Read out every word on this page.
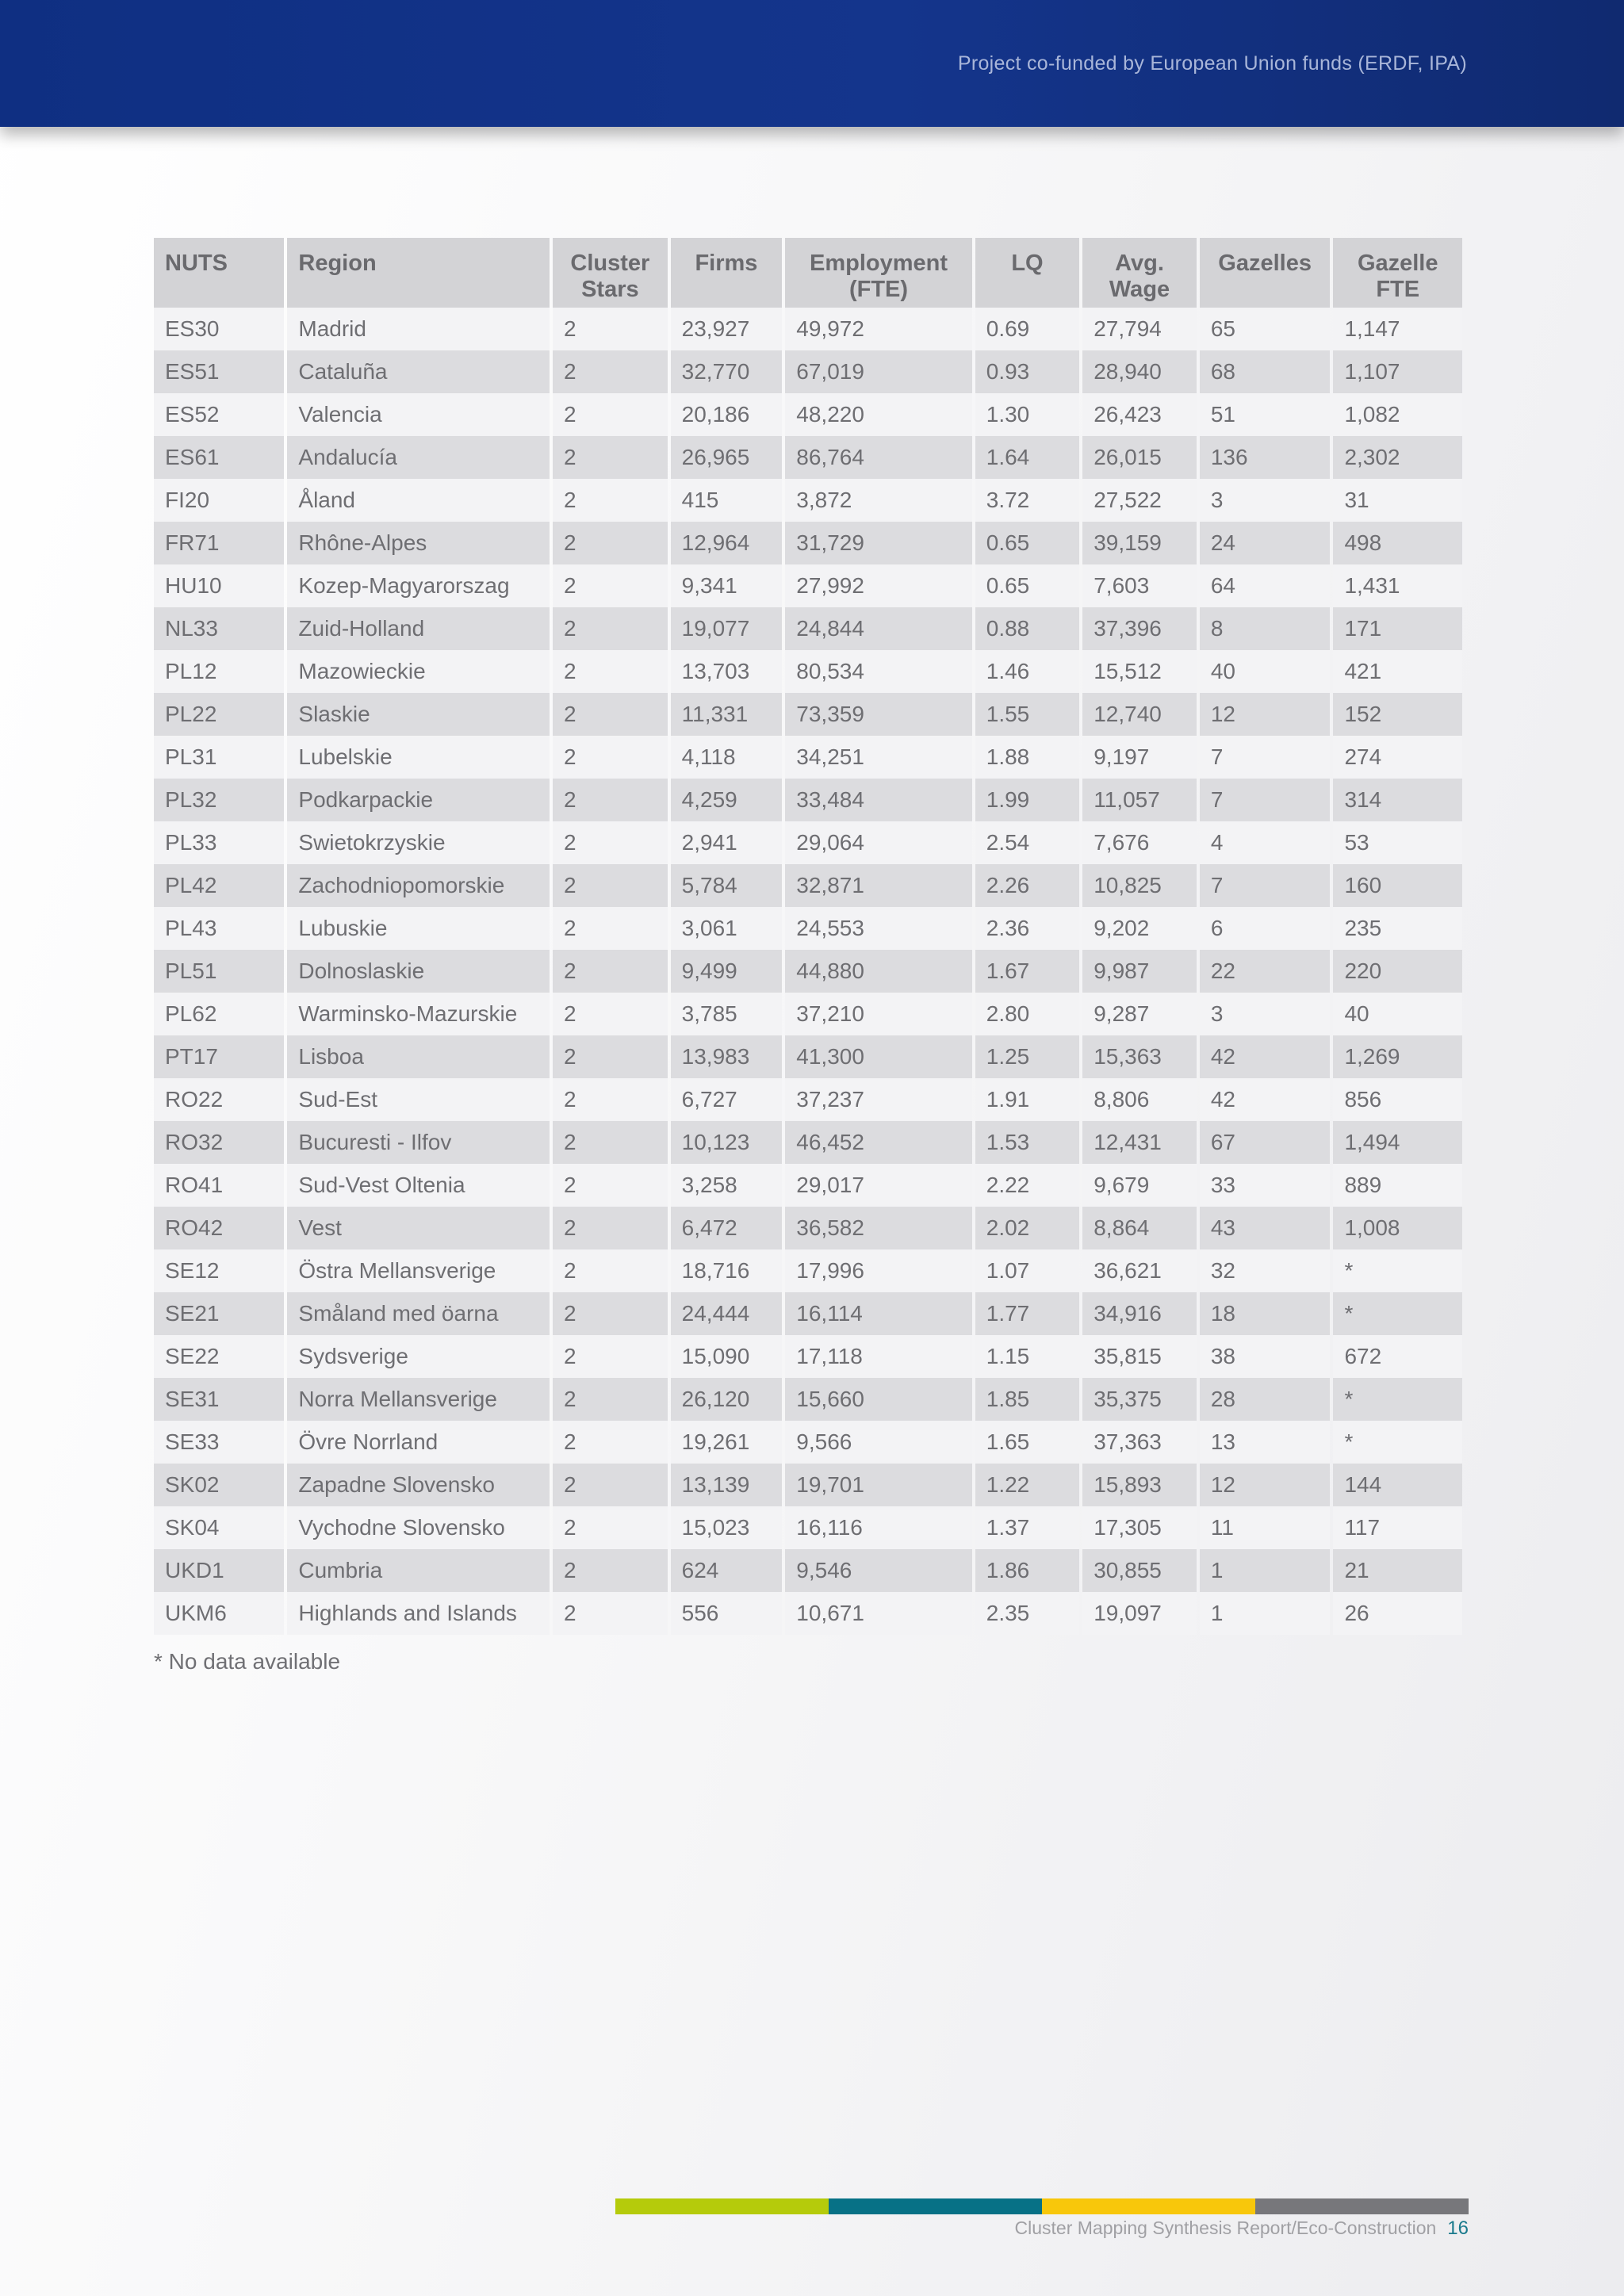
Project co-funded by European Union funds (ERDF, IPA)
NUTS	Region	Cluster Stars	Firms	Employment (FTE)	LQ	Avg. Wage	Gazelles	Gazelle FTE
ES30	Madrid	2	23,927	49,972	0.69	27,794	65	1,147
ES51	Cataluña	2	32,770	67,019	0.93	28,940	68	1,107
ES52	Valencia	2	20,186	48,220	1.30	26,423	51	1,082
ES61	Andalucía	2	26,965	86,764	1.64	26,015	136	2,302
FI20	Åland	2	415	3,872	3.72	27,522	3	31
FR71	Rhône-Alpes	2	12,964	31,729	0.65	39,159	24	498
HU10	Kozep-Magyarorszag	2	9,341	27,992	0.65	7,603	64	1,431
NL33	Zuid-Holland	2	19,077	24,844	0.88	37,396	8	171
PL12	Mazowieckie	2	13,703	80,534	1.46	15,512	40	421
PL22	Slaskie	2	11,331	73,359	1.55	12,740	12	152
PL31	Lubelskie	2	4,118	34,251	1.88	9,197	7	274
PL32	Podkarpackie	2	4,259	33,484	1.99	11,057	7	314
PL33	Swietokrzyskie	2	2,941	29,064	2.54	7,676	4	53
PL42	Zachodniopomorskie	2	5,784	32,871	2.26	10,825	7	160
PL43	Lubuskie	2	3,061	24,553	2.36	9,202	6	235
PL51	Dolnoslaskie	2	9,499	44,880	1.67	9,987	22	220
PL62	Warminsko-Mazurskie	2	3,785	37,210	2.80	9,287	3	40
PT17	Lisboa	2	13,983	41,300	1.25	15,363	42	1,269
RO22	Sud-Est	2	6,727	37,237	1.91	8,806	42	856
RO32	Bucuresti - Ilfov	2	10,123	46,452	1.53	12,431	67	1,494
RO41	Sud-Vest Oltenia	2	3,258	29,017	2.22	9,679	33	889
RO42	Vest	2	6,472	36,582	2.02	8,864	43	1,008
SE12	Östra Mellansverige	2	18,716	17,996	1.07	36,621	32	*
SE21	Småland med öarna	2	24,444	16,114	1.77	34,916	18	*
SE22	Sydsverige	2	15,090	17,118	1.15	35,815	38	672
SE31	Norra Mellansverige	2	26,120	15,660	1.85	35,375	28	*
SE33	Övre Norrland	2	19,261	9,566	1.65	37,363	13	*
SK02	Zapadne Slovensko	2	13,139	19,701	1.22	15,893	12	144
SK04	Vychodne Slovensko	2	15,023	16,116	1.37	17,305	11	117
UKD1	Cumbria	2	624	9,546	1.86	30,855	1	21
UKM6	Highlands and Islands	2	556	10,671	2.35	19,097	1	26
* No data available
Cluster Mapping Synthesis Report/Eco-Construction 16
